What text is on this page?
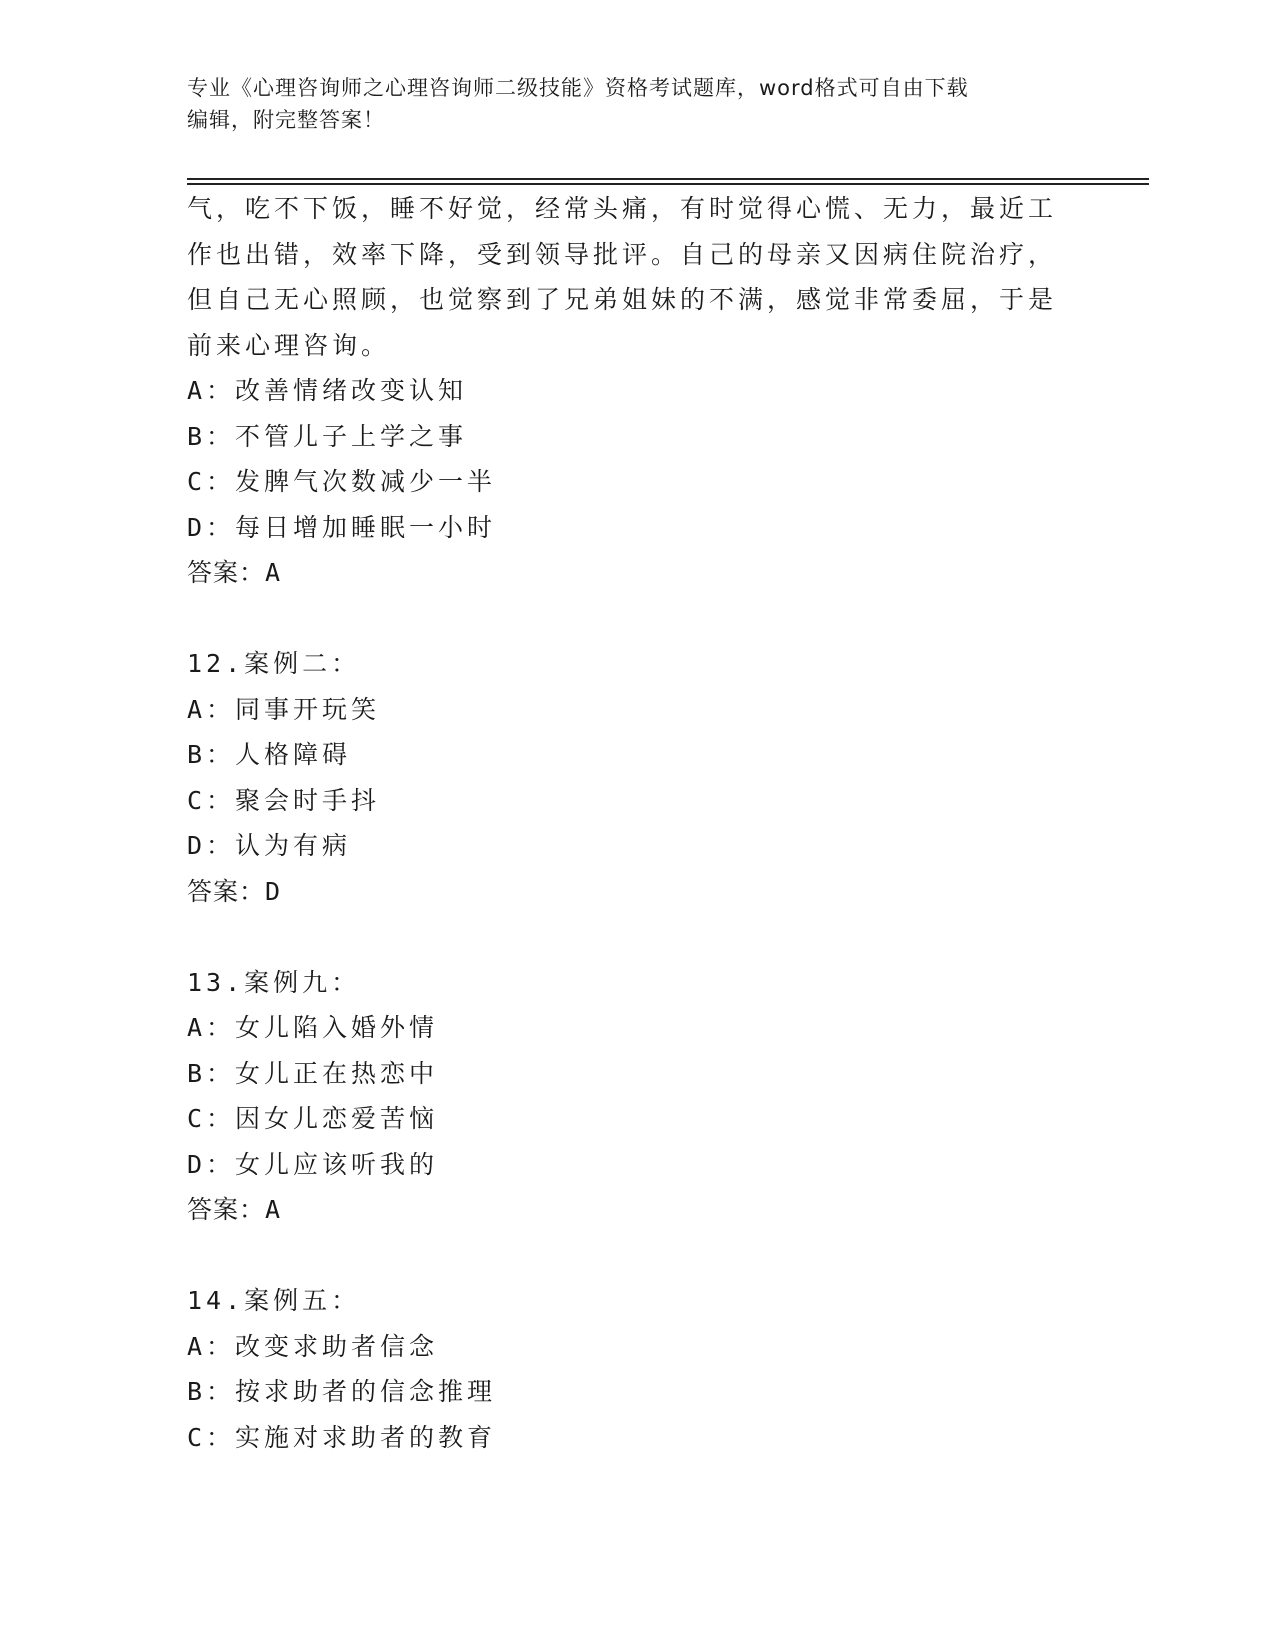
专业《心理咨询师之心理咨询师二级技能》资格考试题库，word格式可自由下载
编辑，附完整答案！
气，吃不下饭，睡不好觉，经常头痛，有时觉得心慌、无力，最近工
作也出错，效率下降，受到领导批评。自己的母亲又因病住院治疗，
但自己无心照顾，也觉察到了兄弟姐妹的不满，感觉非常委屈，于是
前来心理咨询。
A：改善情绪改变认知
B：不管儿子上学之事
C：发脾气次数减少一半
D：每日增加睡眠一小时
答案：A
12.案例二：
A：同事开玩笑
B：人格障碍
C：聚会时手抖
D：认为有病
答案：D
13.案例九：
A：女儿陷入婚外情
B：女儿正在热恋中
C：因女儿恋爱苦恼
D：女儿应该听我的
答案：A
14.案例五：
A：改变求助者信念
B：按求助者的信念推理
C：实施对求助者的教育
